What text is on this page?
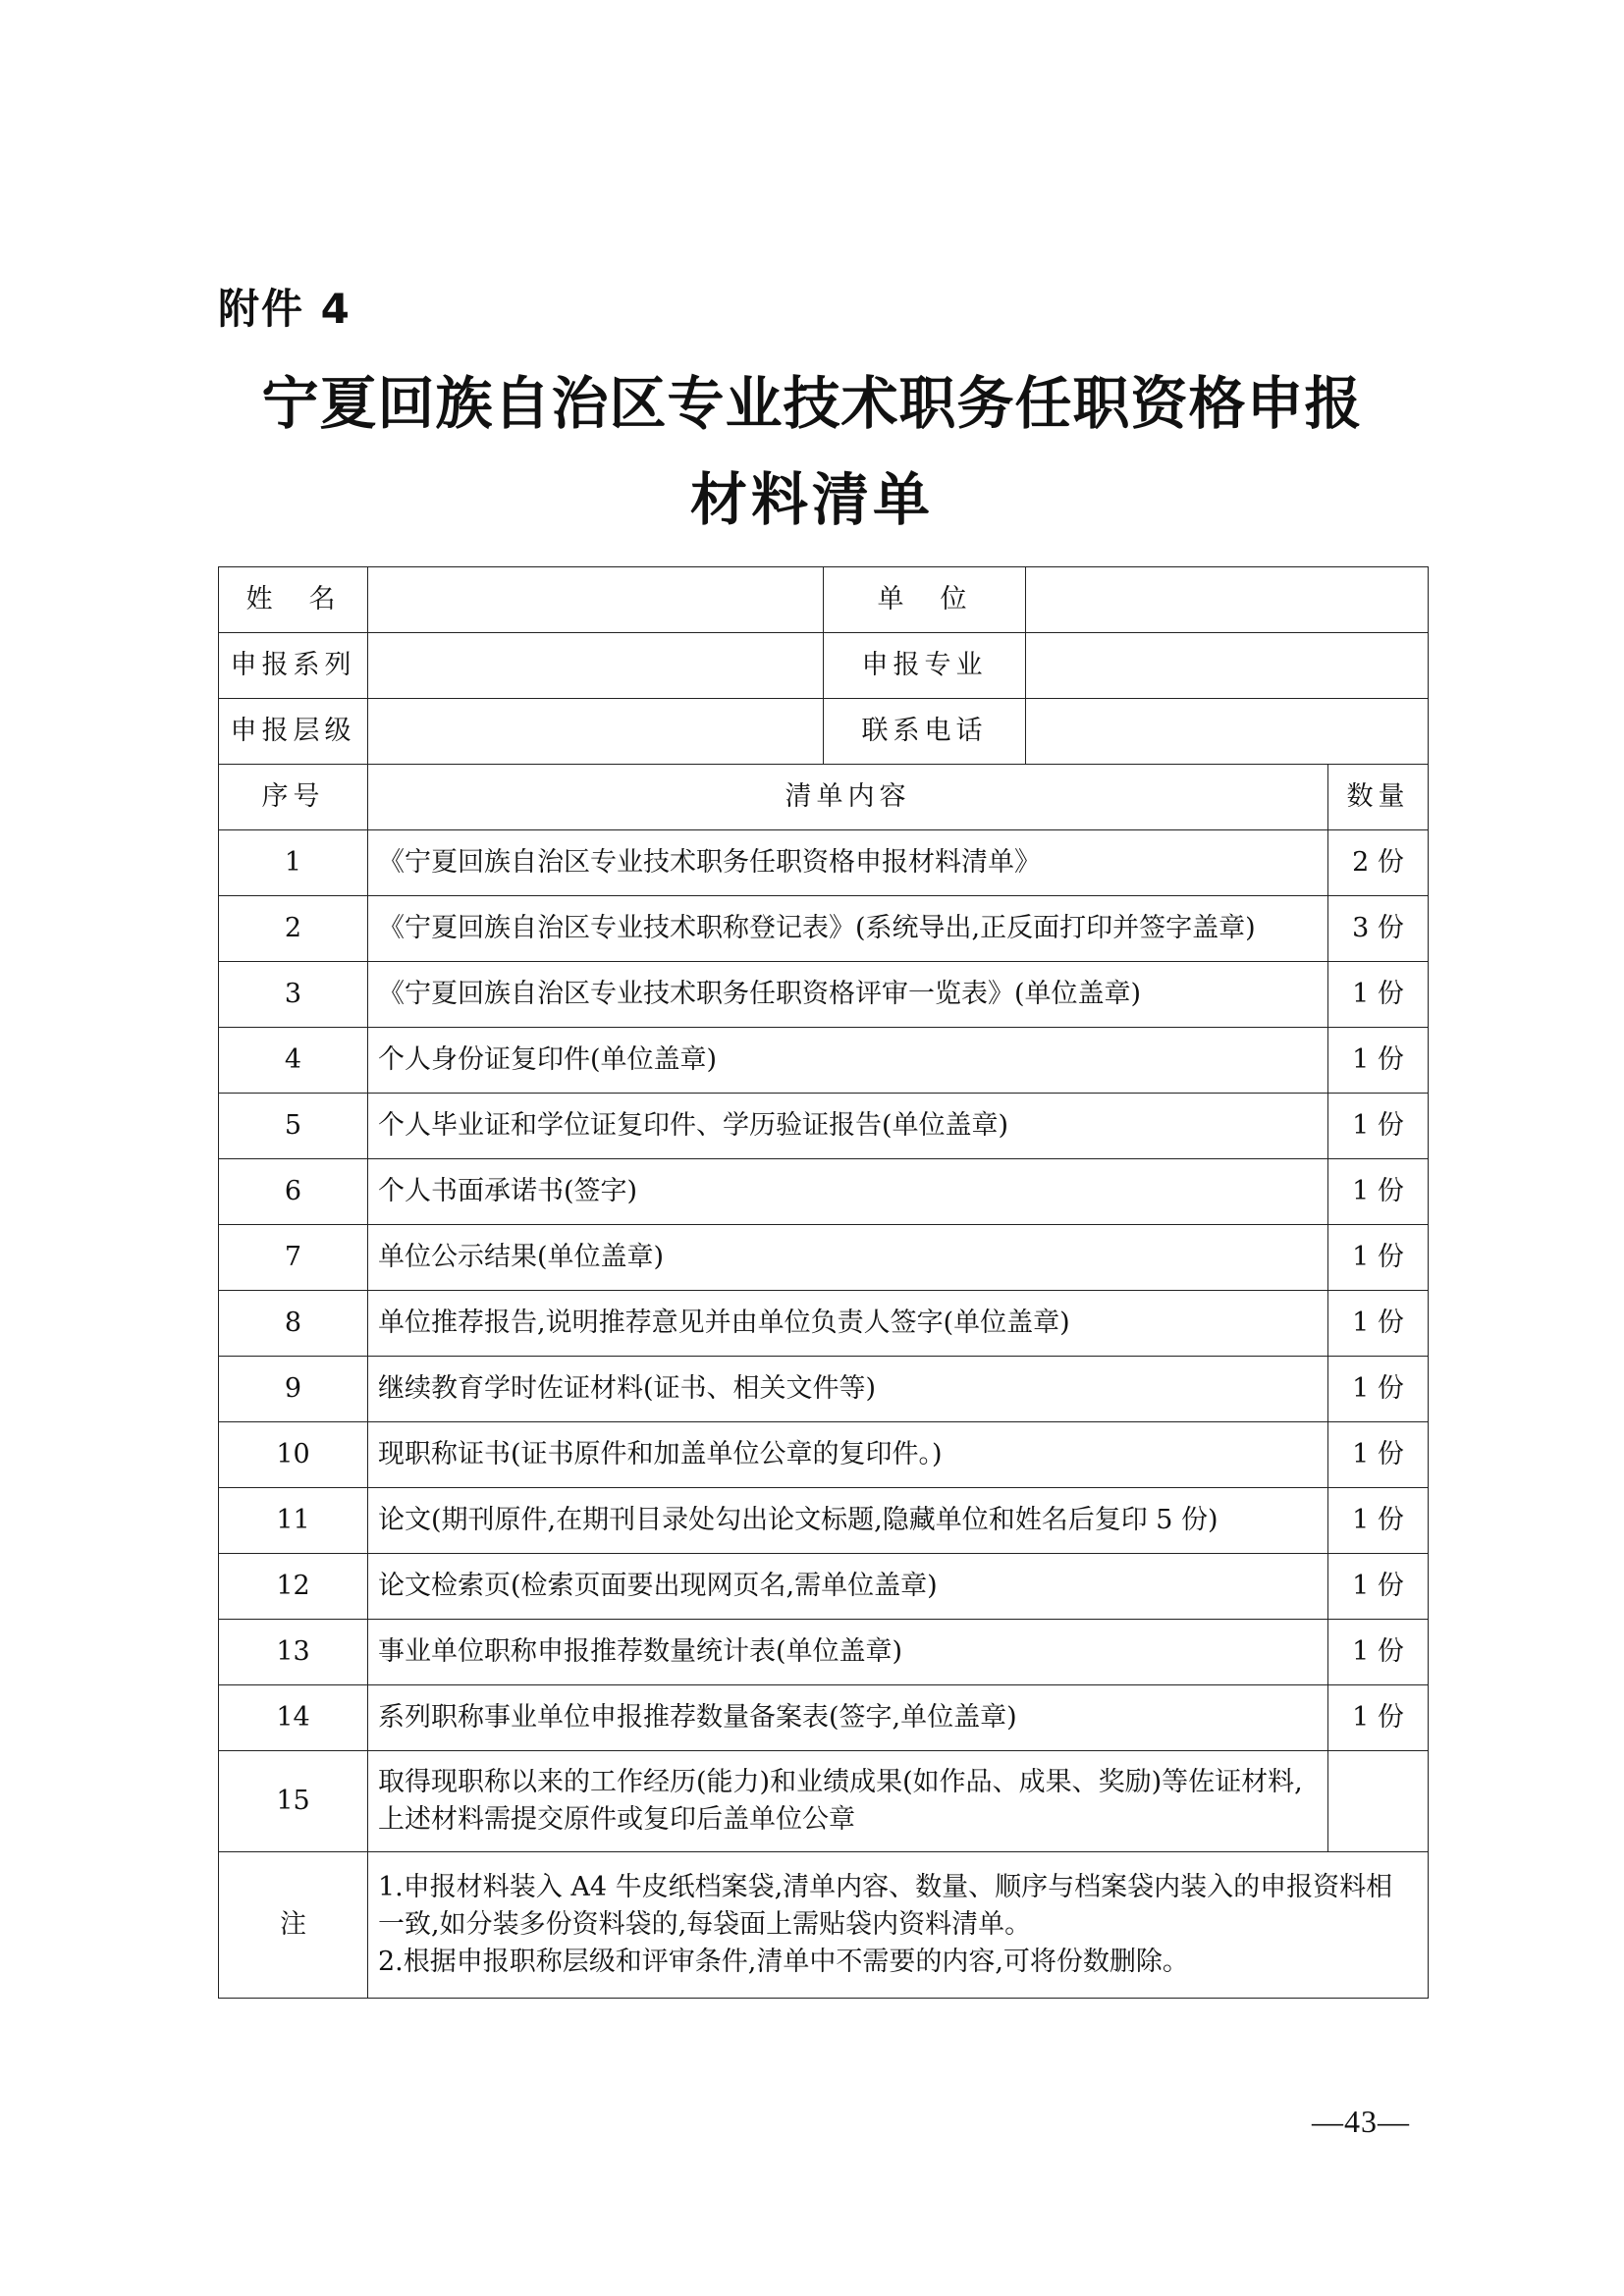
附件 4
宁夏回族自治区专业技术职务任职资格申报
材料清单
姓　名		单　位		
申报系列		申报专业		
申报层级		联系电话		
序号	清单内容			数量
1	《宁夏回族自治区专业技术职务任职资格申报材料清单》			2 份
2	《宁夏回族自治区专业技术职称登记表》(系统导出,正反面打印并签字盖章)			3 份
3	《宁夏回族自治区专业技术职务任职资格评审一览表》(单位盖章)			1 份
4	个人身份证复印件(单位盖章)			1 份
5	个人毕业证和学位证复印件、学历验证报告(单位盖章)			1 份
6	个人书面承诺书(签字)			1 份
7	单位公示结果(单位盖章)			1 份
8	单位推荐报告,说明推荐意见并由单位负责人签字(单位盖章)			1 份
9	继续教育学时佐证材料(证书、相关文件等)			1 份
10	现职称证书(证书原件和加盖单位公章的复印件。)			1 份
11	论文(期刊原件,在期刊目录处勾出论文标题,隐藏单位和姓名后复印 5 份)			1 份
12	论文检索页(检索页面要出现网页名,需单位盖章)			1 份
13	事业单位职称申报推荐数量统计表(单位盖章)			1 份
14	系列职称事业单位申报推荐数量备案表(签字,单位盖章)			1 份
15	取得现职称以来的工作经历(能力)和业绩成果(如作品、成果、奖励)等佐证材料,上述材料需提交原件或复印后盖单位公章			
注	1.申报材料装入 A4 牛皮纸档案袋,清单内容、数量、顺序与档案袋内装入的申报资料相一致,如分装多份资料袋的,每袋面上需贴袋内资料清单。
2.根据申报职称层级和评审条件,清单中不需要的内容,可将份数删除。			
—43—
